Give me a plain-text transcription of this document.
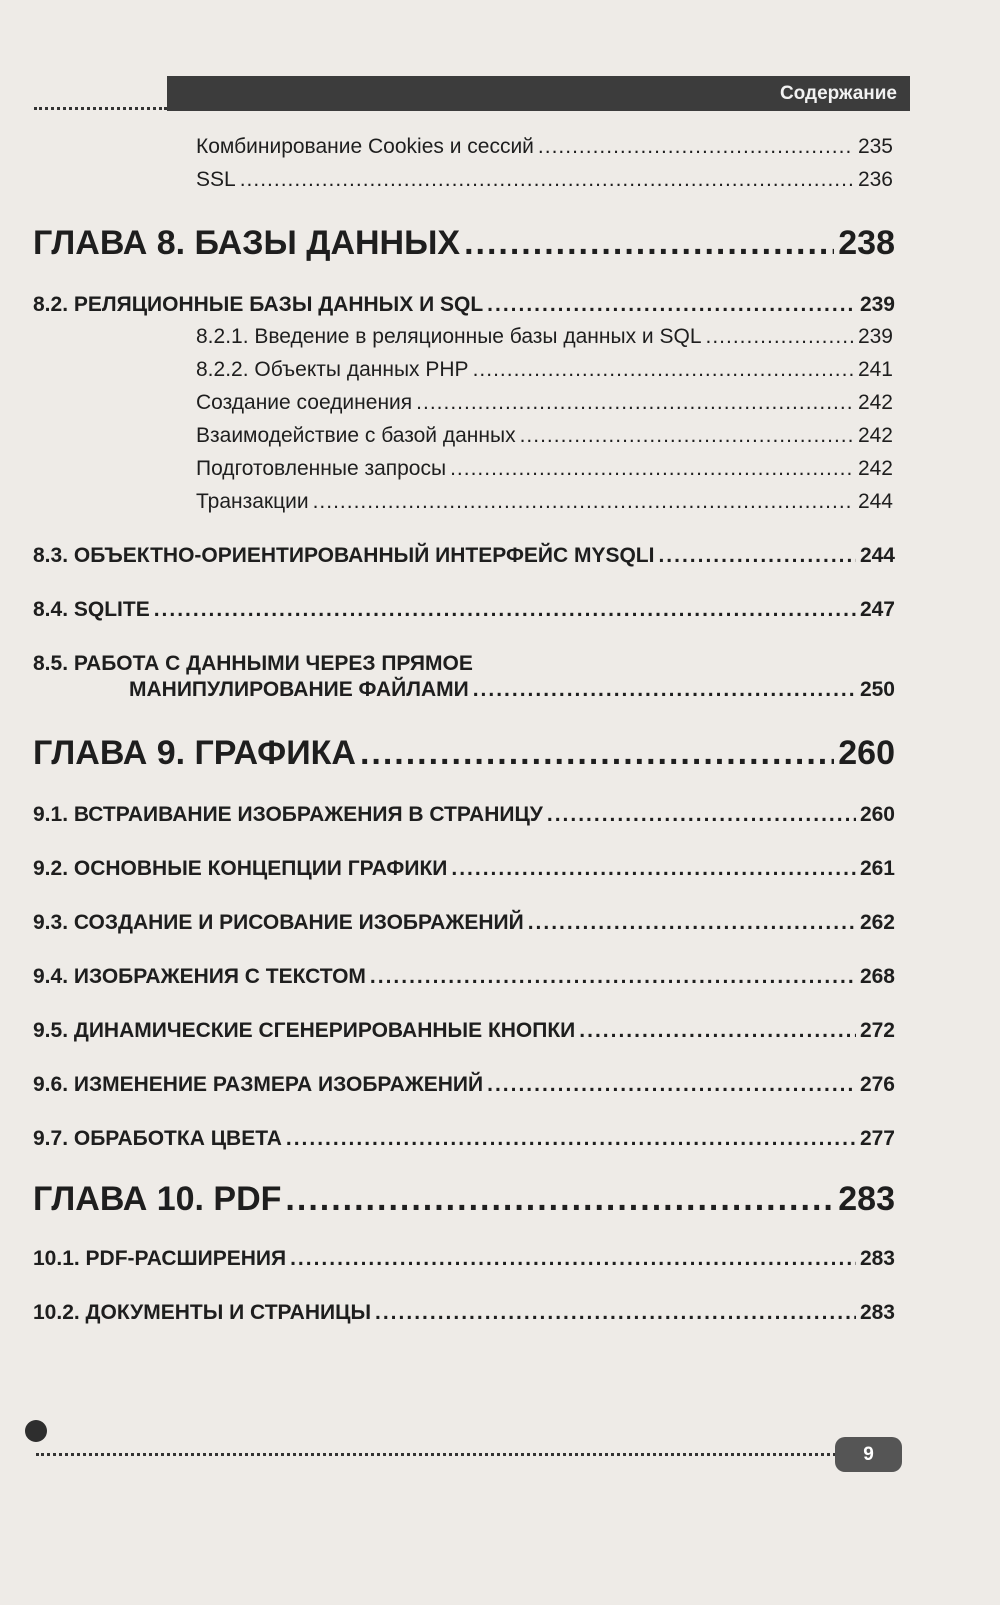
Содержание
Комбинирование Cookies и сессий .....	235
SSL .....	236
ГЛАВА 8. БАЗЫ ДАННЫХ .....	238
8.2. РЕЛЯЦИОННЫЕ БАЗЫ ДАННЫХ И SQL .....	239
8.2.1. Введение в реляционные базы данных и SQL .....	239
8.2.2. Объекты данных PHP .....	241
Создание соединения .....	242
Взаимодействие с базой данных .....	242
Подготовленные запросы .....	242
Транзакции .....	244
8.3. ОБЪЕКТНО-ОРИЕНТИРОВАННЫЙ ИНТЕРФЕЙС MYSQLI .....	244
8.4. SQLITE .....	247
8.5. РАБОТА С ДАННЫМИ ЧЕРЕЗ ПРЯМОЕ
МАНИПУЛИРОВАНИЕ ФАЙЛАМИ .....	250
ГЛАВА 9. ГРАФИКА .....	260
9.1. ВСТРАИВАНИЕ ИЗОБРАЖЕНИЯ В СТРАНИЦУ .....	260
9.2. ОСНОВНЫЕ КОНЦЕПЦИИ ГРАФИКИ .....	261
9.3. СОЗДАНИЕ И РИСОВАНИЕ ИЗОБРАЖЕНИЙ .....	262
9.4. ИЗОБРАЖЕНИЯ С ТЕКСТОМ .....	268
9.5. ДИНАМИЧЕСКИЕ СГЕНЕРИРОВАННЫЕ КНОПКИ .....	272
9.6. ИЗМЕНЕНИЕ РАЗМЕРА ИЗОБРАЖЕНИЙ .....	276
9.7. ОБРАБОТКА ЦВЕТА .....	277
ГЛАВА 10. PDF .....	283
10.1. PDF-РАСШИРЕНИЯ .....	283
10.2. ДОКУМЕНТЫ И СТРАНИЦЫ .....	283
9
